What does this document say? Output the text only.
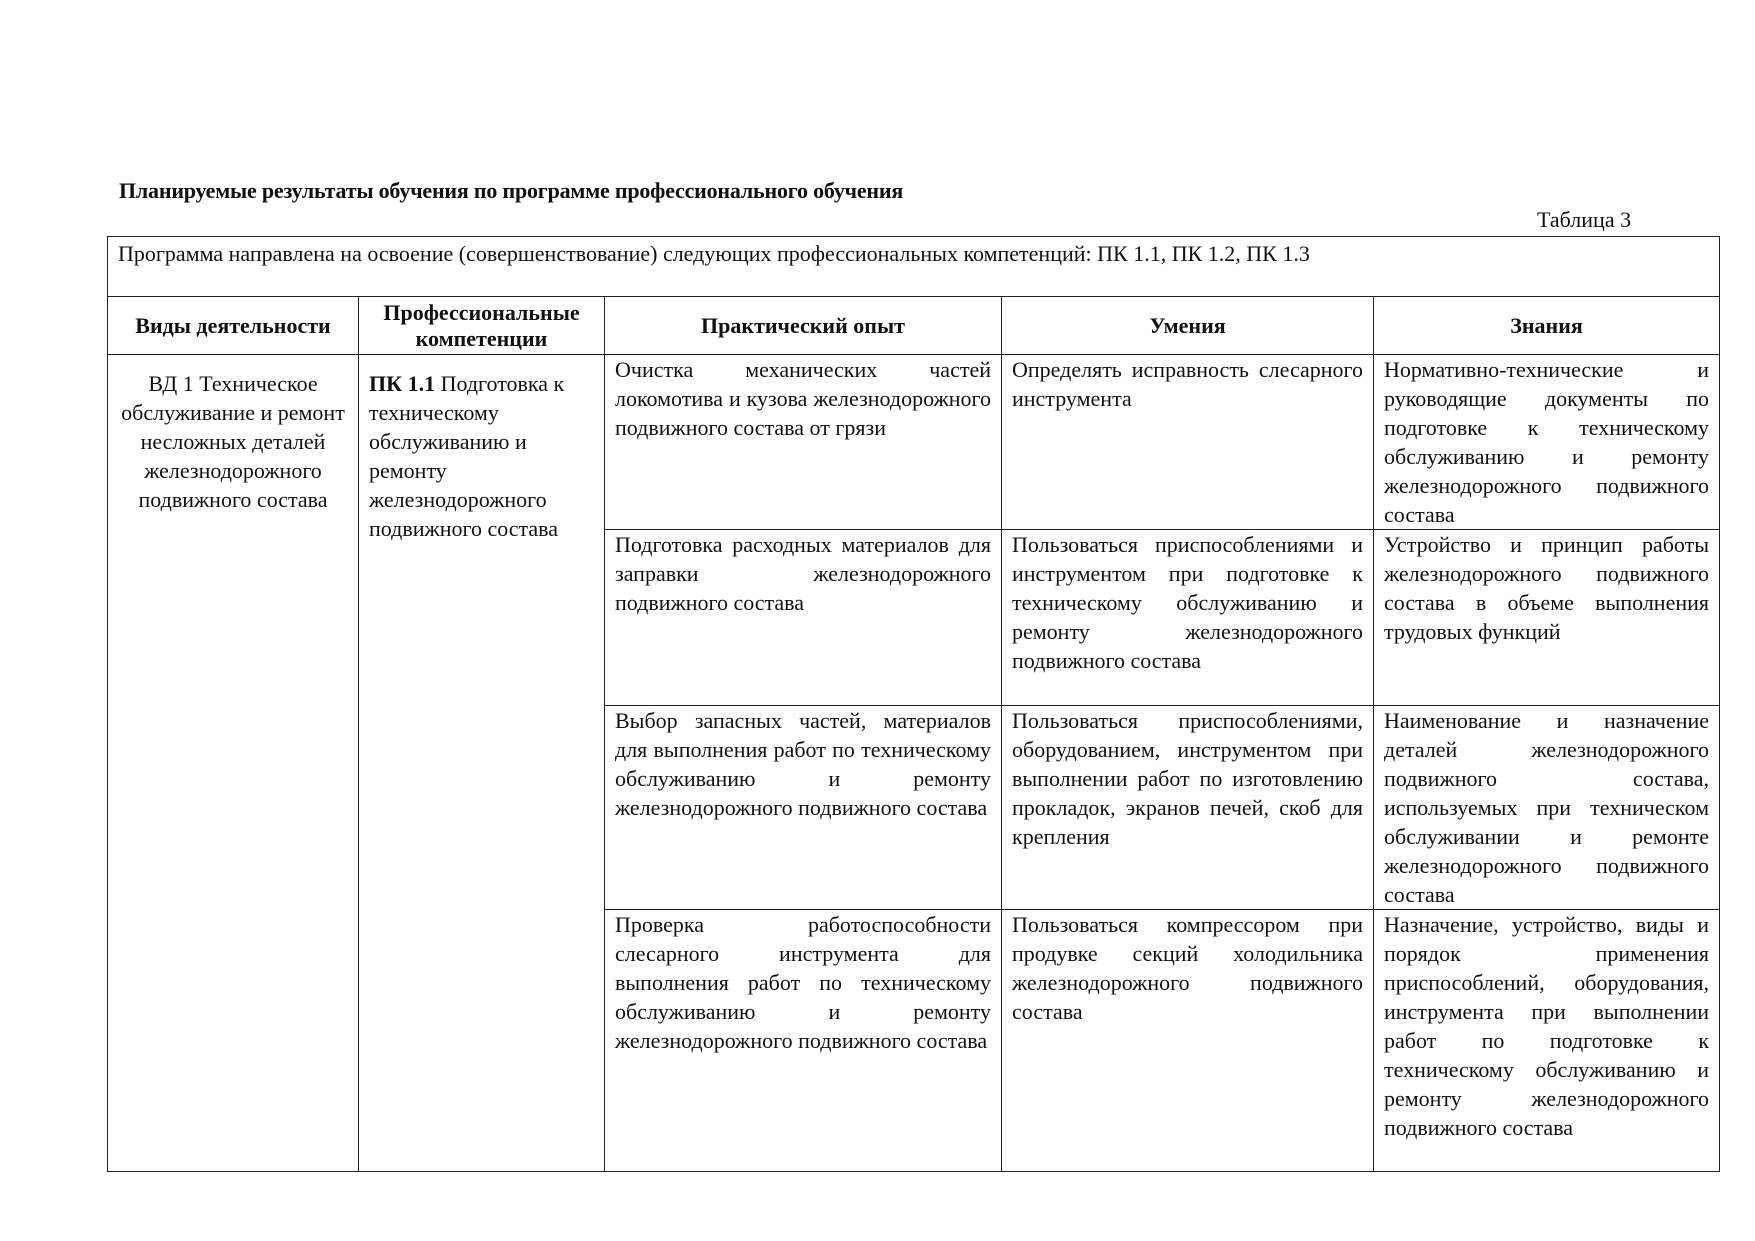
Планируемые результаты обучения по программе профессионального обучения
Таблица 3
Программа направлена на освоение (совершенствование) следующих профессиональных компетенций: ПК 1.1, ПК 1.2, ПК 1.3				
Виды деятельности	Профессиональные компетенции	Практический опыт	Умения	Знания
ВД 1 Техническое обслуживание и ремонт несложных деталей железнодорожного подвижного состава	ПК 1.1 Подготовка к техническому обслуживанию и ремонту железнодорожного подвижного состава	Очистка механических частей локомотива и кузова железнодорожного подвижного состава от грязи	Определять исправность слесарного инструмента	Нормативно-технические и руководящие документы по подготовке к техническому обслуживанию и ремонту железнодорожного подвижного состава
		Подготовка расходных материалов для заправки железнодорожного подвижного состава	Пользоваться приспособлениями и инструментом при подготовке к техническому обслуживанию и ремонту железнодорожного подвижного состава	Устройство и принцип работы железнодорожного подвижного состава в объеме выполнения трудовых функций
		Выбор запасных частей, материалов для выполнения работ по техническому обслуживанию и ремонту железнодорожного подвижного состава	Пользоваться приспособлениями, оборудованием, инструментом при выполнении работ по изготовлению прокладок, экранов печей, скоб для крепления	Наименование и назначение деталей железнодорожного подвижного состава, используемых при техническом обслуживании и ремонте железнодорожного подвижного состава
		Проверка работоспособности слесарного инструмента для выполнения работ по техническому обслуживанию и ремонту железнодорожного подвижного состава	Пользоваться компрессором при продувке секций холодильника железнодорожного подвижного состава	Назначение, устройство, виды и порядок применения приспособлений, оборудования, инструмента при выполнении работ по подготовке к техническому обслуживанию и ремонту железнодорожного подвижного состава
